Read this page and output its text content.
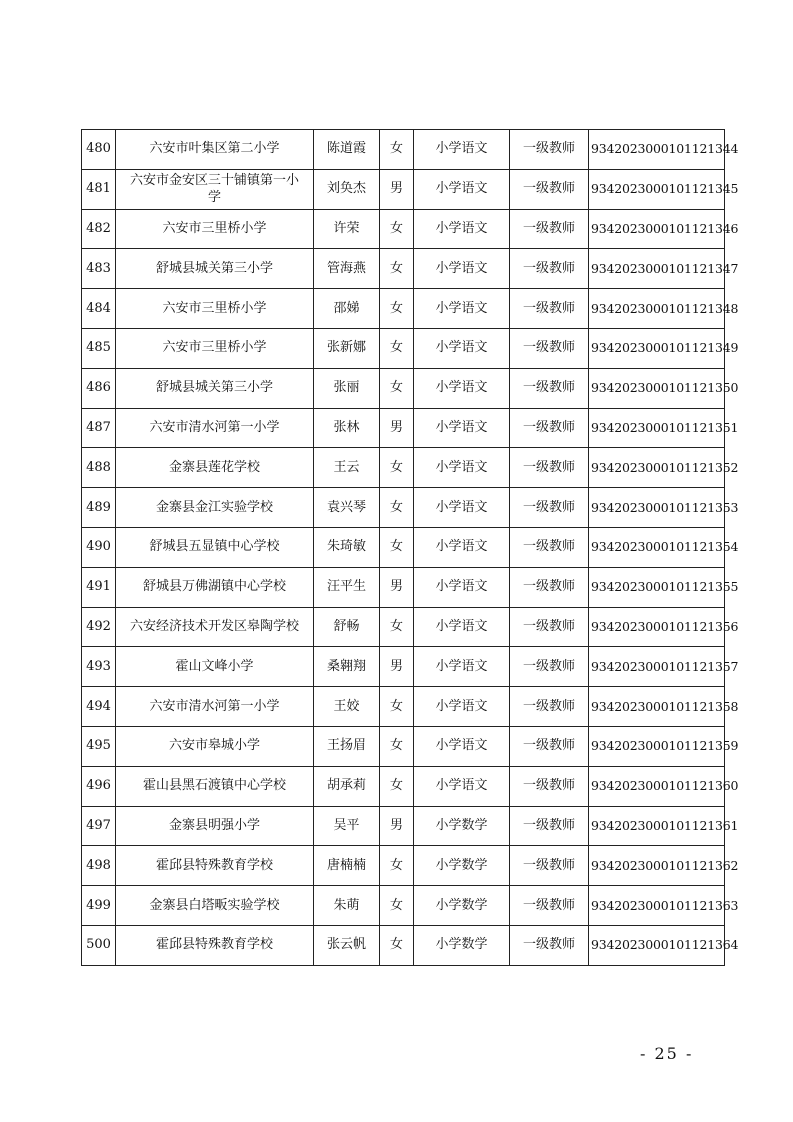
480	六安市叶集区第二小学	陈道霞	女	小学语文	一级教师	9342023000101121344
481	六安市金安区三十铺镇第一小学	刘奂杰	男	小学语文	一级教师	9342023000101121345
482	六安市三里桥小学	许荣	女	小学语文	一级教师	9342023000101121346
483	舒城县城关第三小学	管海燕	女	小学语文	一级教师	9342023000101121347
484	六安市三里桥小学	邵娣	女	小学语文	一级教师	9342023000101121348
485	六安市三里桥小学	张新娜	女	小学语文	一级教师	9342023000101121349
486	舒城县城关第三小学	张丽	女	小学语文	一级教师	9342023000101121350
487	六安市清水河第一小学	张林	男	小学语文	一级教师	9342023000101121351
488	金寨县莲花学校	王云	女	小学语文	一级教师	9342023000101121352
489	金寨县金江实验学校	袁兴琴	女	小学语文	一级教师	9342023000101121353
490	舒城县五显镇中心学校	朱琦敏	女	小学语文	一级教师	9342023000101121354
491	舒城县万佛湖镇中心学校	汪平生	男	小学语文	一级教师	9342023000101121355
492	六安经济技术开发区皋陶学校	舒畅	女	小学语文	一级教师	9342023000101121356
493	霍山文峰小学	桑翱翔	男	小学语文	一级教师	9342023000101121357
494	六安市清水河第一小学	王姣	女	小学语文	一级教师	9342023000101121358
495	六安市皋城小学	王扬眉	女	小学语文	一级教师	9342023000101121359
496	霍山县黑石渡镇中心学校	胡承莉	女	小学语文	一级教师	9342023000101121360
497	金寨县明强小学	吴平	男	小学数学	一级教师	9342023000101121361
498	霍邱县特殊教育学校	唐楠楠	女	小学数学	一级教师	9342023000101121362
499	金寨县白塔畈实验学校	朱萌	女	小学数学	一级教师	9342023000101121363
500	霍邱县特殊教育学校	张云帆	女	小学数学	一级教师	9342023000101121364
- 25 -
